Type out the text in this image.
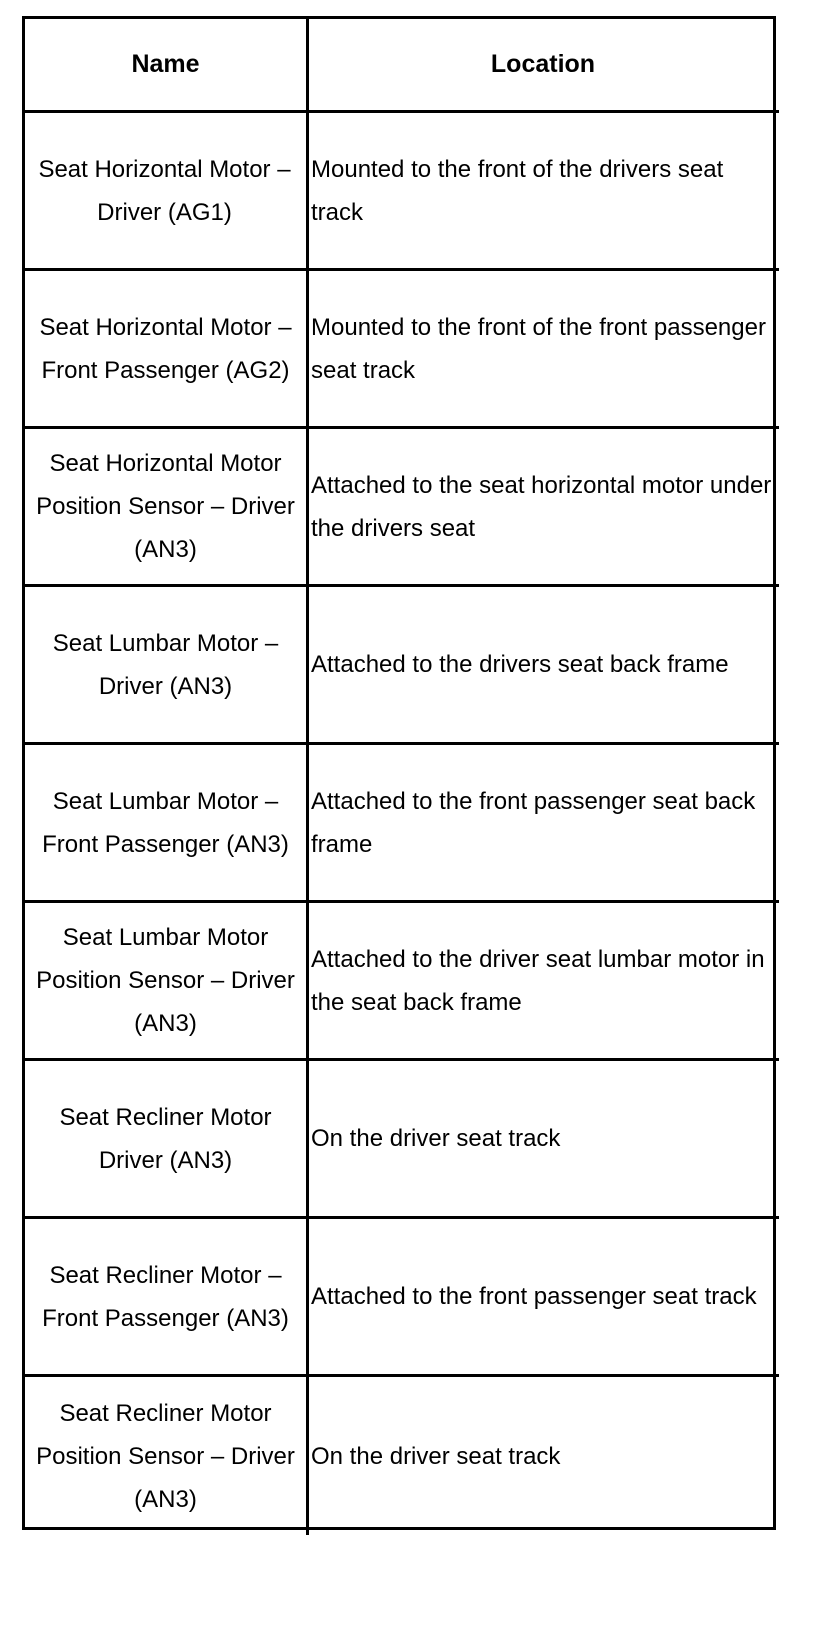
Name	Location
Seat Horizontal Motor – Driver (AG1)
Mounted to the front of the drivers seat track
Seat Horizontal Motor – Front Passenger (AG2)
Mounted to the front of the front passenger seat track
Seat Horizontal Motor Position Sensor – Driver (AN3)
Attached to the seat horizontal motor under the drivers seat
Seat Lumbar Motor – Driver (AN3)
Attached to the drivers seat back frame
Seat Lumbar Motor – Front Passenger (AN3)
Attached to the front passenger seat back frame
Seat Lumbar Motor Position Sensor – Driver (AN3)
Attached to the driver seat lumbar motor in the seat back frame
Seat Recliner Motor Driver (AN3)
On the driver seat track
Seat Recliner Motor – Front Passenger (AN3)
Attached to the front passenger seat track
Seat Recliner Motor Position Sensor – Driver (AN3)
On the driver seat track
